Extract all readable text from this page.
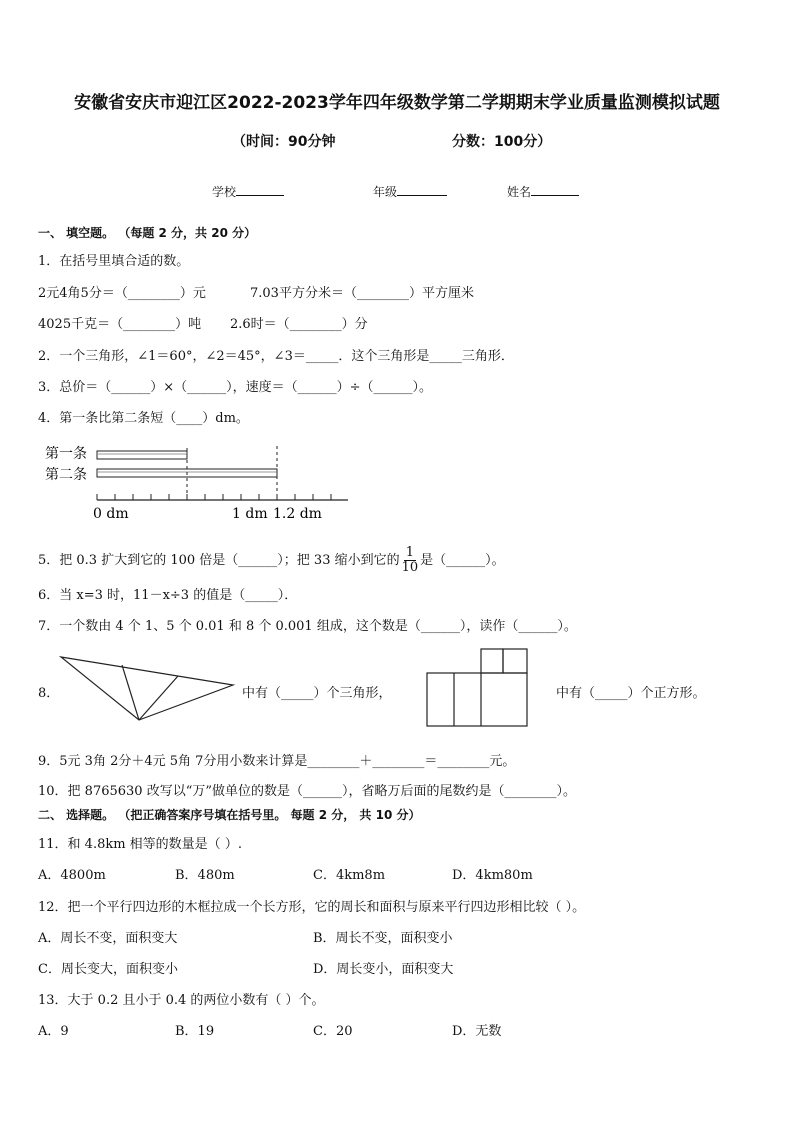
安徽省安庆市迎江区2022-2023学年四年级数学第二学期期末学业质量监测模拟试题
（时间：90分钟	分数：100分）
学校	年级	姓名
一、 填空题。 （每题 2 分，共 20 分）
1．在括号里填合适的数。
2元4角5分＝（________）元	7.03平方分米＝（________）平方厘米
4025千克＝（________）吨 2.6时＝（________）分
2．一个三角形，∠1＝60°，∠2＝45°，∠3＝_____．这个三角形是_____三角形．
3．总价＝（______）×（______），速度＝（______）÷（______）。
4．第一条比第二条短（____）dm。
第一条
第二条
0 dm	1 dm 1.2 dm
5．把 0.3 扩大到它的 100 倍是（______）；把 33 缩小到它的 $\frac{1}{10}$ 是（______）。
6．当 x=3 时，11－x÷3 的值是（_____）．
7．一个数由 4 个 1、5 个 0.01 和 8 个 0.001 组成，这个数是（______），读作（______）。
8．	中有（_____）个三角形，	中有（_____）个正方形。
9．5元 3角 2分＋4元 5角 7分用小数来计算是________＋________＝________元。
10．把 8765630 改写以“万”做单位的数是（______），省略万后面的尾数约是（________）。
二、 选择题。 （把正确答案序号填在括号里。 每题 2 分， 共 10 分）
11．和 4.8km 相等的数量是（ ）.
A．4800m	B．480m	C．4km8m	D．4km80m
12．把一个平行四边形的木框拉成一个长方形，它的周长和面积与原来平行四边形相比较（ ）。
A．周长不变，面积变大	B．周长不变，面积变小
C．周长变大，面积变小	D．周长变小，面积变大
13．大于 0.2 且小于 0.4 的两位小数有（ ）个。
A．9	B．19	C．20	D．无数
